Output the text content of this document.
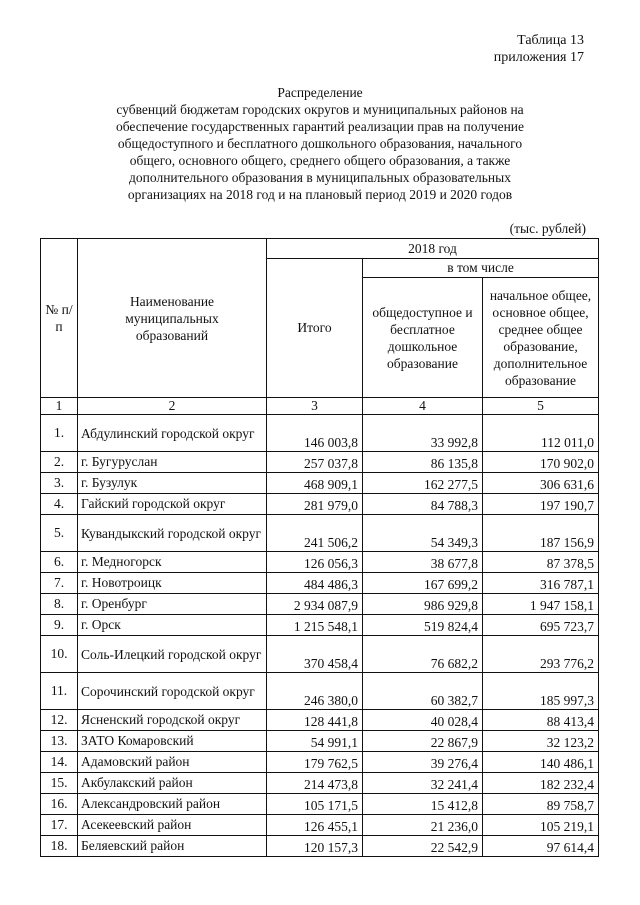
Таблица 13
приложения 17
Распределение
субвенций бюджетам городских округов и муниципальных районов на
обеспечение государственных гарантий реализации прав на получение
общедоступного и бесплатного дошкольного образования, начального
общего, основного общего, среднего общего образования, а также
дополнительного образования в муниципальных образовательных
организациях на 2018 год и на плановый период 2019 и 2020 годов
(тыс. рублей)
№ п/п	Наименование муниципальных образований	2018 год		
		Итого	в том числе	
			общедоступное и бесплатное дошкольное образование	начальное общее, основное общее, среднее общее образование, дополнительное образование
1	2	3	4	5
1.	Абдулинский городской округ	146 003,8	33 992,8	112 011,0
2.	г. Бугуруслан	257 037,8	86 135,8	170 902,0
3.	г. Бузулук	468 909,1	162 277,5	306 631,6
4.	Гайский городской округ	281 979,0	84 788,3	197 190,7
5.	Кувандыкский городской округ	241 506,2	54 349,3	187 156,9
6.	г. Медногорск	126 056,3	38 677,8	87 378,5
7.	г. Новотроицк	484 486,3	167 699,2	316 787,1
8.	г. Оренбург	2 934 087,9	986 929,8	1 947 158,1
9.	г. Орск	1 215 548,1	519 824,4	695 723,7
10.	Соль-Илецкий городской округ	370 458,4	76 682,2	293 776,2
11.	Сорочинский городской округ	246 380,0	60 382,7	185 997,3
12.	Ясненский городской округ	128 441,8	40 028,4	88 413,4
13.	ЗАТО Комаровский	54 991,1	22 867,9	32 123,2
14.	Адамовский район	179 762,5	39 276,4	140 486,1
15.	Акбулакский район	214 473,8	32 241,4	182 232,4
16.	Александровский район	105 171,5	15 412,8	89 758,7
17.	Асекеевский район	126 455,1	21 236,0	105 219,1
18.	Беляевский район	120 157,3	22 542,9	97 614,4
